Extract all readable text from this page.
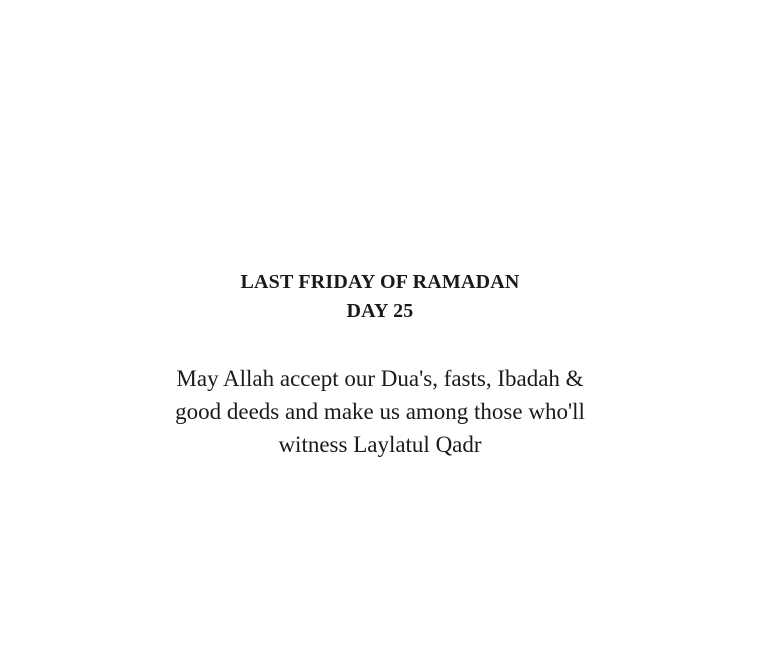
LAST FRIDAY OF RAMADAN
DAY 25
May Allah accept our Dua's, fasts, Ibadah &
good deeds and make us among those who'll
witness Laylatul Qadr
